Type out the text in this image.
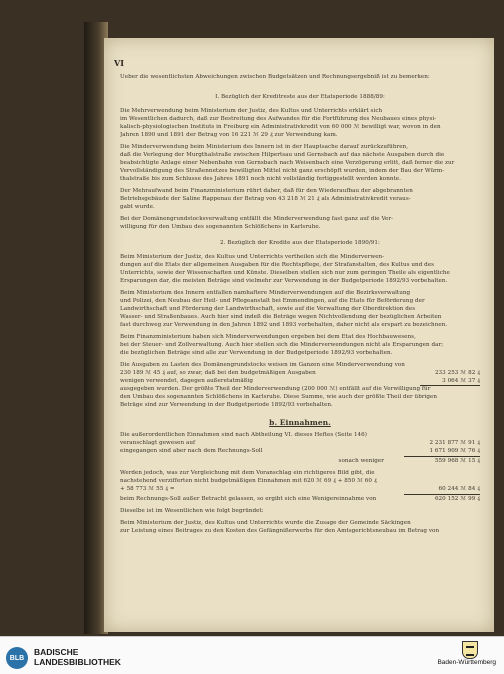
VI
Ueber die wesentlichsten Abweichungen zwischen Budgetsätzen und Rechnungsergebniß ist zu bemerken:
I. Bezüglich der Kreditreste aus der Etatsperiode 1888/89:
Die Mehrverwendung beim Ministerium der Justiz, des Kultus und Unterrichts erklärt sich
im Wesentlichen dadurch, daß zur Bestreitung des Aufwandes für die Fortführung des Neubaues eines physi-
kalisch-physiologischen Instituts in Freiburg ein Administrativkredit von 60 000 ℳ bewilligt war, wovon in den
Jahren 1890 und 1891 der Betrag von 16 221 ℳ 29 ₰ zur Verwendung kam.
Die Minderverwendung beim Ministerium des Innern ist in der Hauptsache darauf zurückzuführen,
daß die Verlegung der Murgthalstraße zwischen Hilpertsau und Gernsbach auf das nächste Ausgaben durch die
beabsichtigte Anlage einer Nebenbahn von Gernsbach nach Weisenbach eine Verzögerung erlitt, daß ferner die zur
Vervollständigung des Straßennetzes bewilligten Mittel nicht ganz erschöpft wurden, indem der Bau der Würm-
thalstraße bis zum Schlusse des Jahres 1891 noch nicht vollständig fertiggestellt werden konnte.
Der Mehraufwand beim Finanzministerium rührt daher, daß für den Wiederaufbau der abgebrannten
Betriebsgebäude der Saline Rappenau der Betrag von 43 218 ℳ 21 ₰ als Administrativkredit veraus-
gabt wurde.
Bei der Domänengrundstocksverwaltung entfällt die Minderverwendung fast ganz auf die Ver-
willigung für den Umbau des sogenannten Schlößchens in Karlsruhe.
2. Bezüglich der Kredite aus der Etatsperiode 1890/91:
Beim Ministerium der Justiz, des Kultus und Unterrichts vertheilen sich die Minderverwen-
dungen auf die Etats der allgemeinen Ausgaben für die Rechtspflege, der Strafanstalten, des Kultus und des
Unterrichts, sowie der Wissenschaften und Künste. Dieselben stellen sich nur zum geringen Theile als eigentliche
Ersparungen dar, die meisten Beträge sind vielmehr zur Verwendung in der Budgetperiode 1892/93 vorbehalten.
Beim Ministerium des Innern entfallen namhaftere Minderverwendungen auf die Bezirksverwaltung
und Polizei, den Neubau der Heil- und Pflegeanstalt bei Emmendingen, auf die Etats für Beförderung der
Landwirthschaft und Förderung der Landwirthschaft, sowie auf die Verwaltung der Oberdirektion des
Wasser- und Straßenbaues. Auch hier sind indeß die Beträge wegen Nichtvollendung der bezüglichen Arbeiten
fast durchweg zur Verwendung in den Jahren 1892 und 1893 vorbehalten, daher nicht als erspart zu bezeichnen.
Beim Finanzministerium haben sich Minderverwendungen ergeben bei dem Etat des Hochbauwesens,
bei der Steuer- und Zollverwaltung. Auch hier stellen sich die Minderverwendungen nicht als Ersparungen dar;
die bezüglichen Beträge sind alle zur Verwendung in der Budgetperiode 1892/93 vorbehalten.
Die Ausgaben zu Lasten des Domänengrundstocks weisen im Ganzen eine Minderverwendung von
230 189 ℳ 45 ₰ auf, so zwar, daß bei den budgetmäßigen Ausgaben	233 253 ℳ 82 ₰
wenigen verwendet, dagegen außeretatmäßig	3 064 ℳ 37 ₰
ausgegeben wurden. Der größte Theil der Minderverwendung (200 000 ℳ) entfällt auf die Verwilligung für
den Umbau des sogenannten Schlößchens in Karlsruhe. Diese Summe, wie auch der größte Theil der übrigen
Beträge sind zur Verwendung in der Budgetperiode 1892/93 vorbehalten.
b. Einnahmen.
Die außerordentlichen Einnahmen sind nach Abtheilung VI. dieses Heftes (Seite 146)
veranschlagt gewesen auf	2 231 877 ℳ 91 ₰
eingegangen sind aber nach dem Rechnungs-Soll	1 671 909 ℳ 76 ₰
sonach weniger	559 968 ℳ 15 ₰
Werden jedoch, was zur Vergleichung mit dem Voranschlag ein richtigeres Bild gibt, die
nachstehend verzifferten nicht budgetmäßigen Einnahmen mit 620 ℳ 69 ₰ + 850 ℳ 60 ₰
+ 58 773 ℳ 55 ₰ =	60 244 ℳ 84 ₰
beim Rechnungs-Soll außer Betracht gelassen, so ergibt sich eine Wenigereinnahme von	620 152 ℳ 99 ₰
Dieselbe ist im Wesentlichen wie folgt begründet:
Beim Ministerium der Justiz, des Kultus und Unterrichts wurde die Zusage der Gemeinde Säckingen
zur Leistung eines Beitrages zu den Kosten des Gefängnißerwerbs für den Amtsgerichtsneubau im Betrag von
BLB
BADISCHE
LANDESBIBLIOTHEK	Baden-Württemberg
